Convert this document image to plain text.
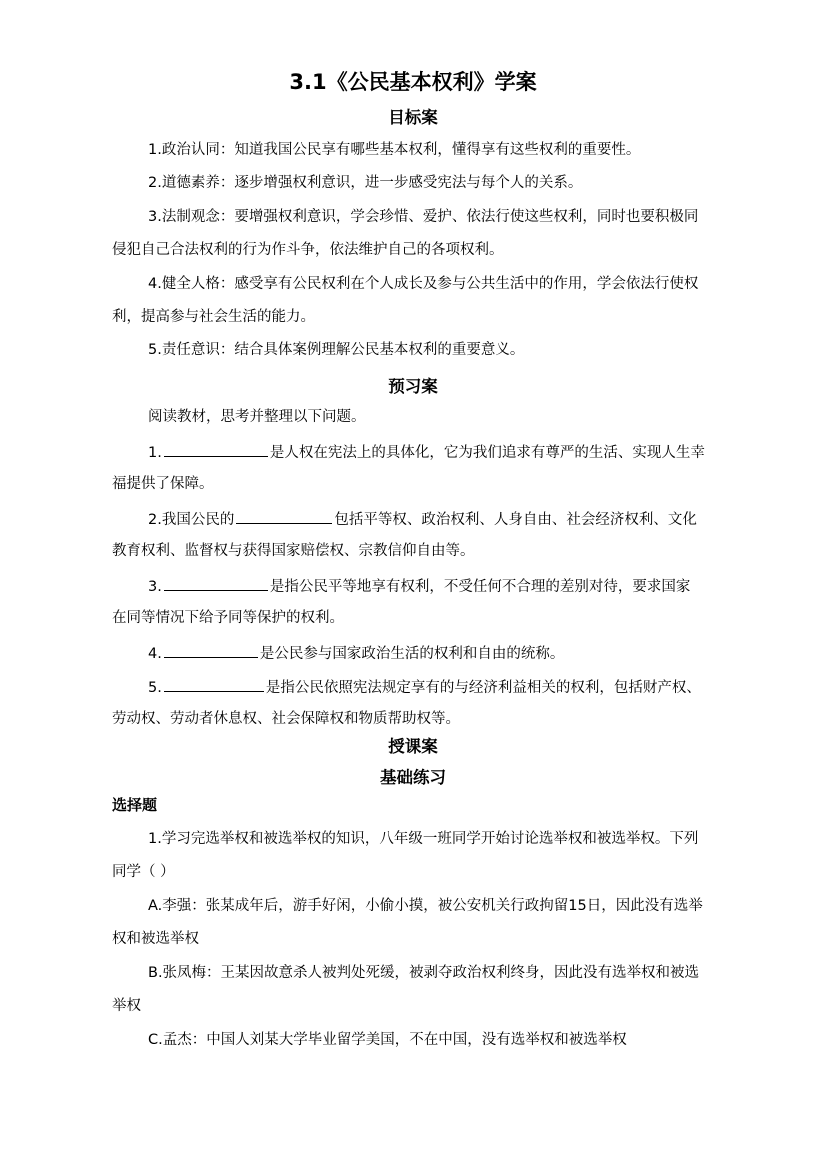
3.1《公民基本权利》学案
目标案
1.政治认同：知道我国公民享有哪些基本权利，懂得享有这些权利的重要性。
2.道德素养：逐步增强权利意识，进一步感受宪法与每个人的关系。
3.法制观念：要增强权利意识，学会珍惜、爱护、依法行使这些权利，同时也要积极同
侵犯自己合法权利的行为作斗争，依法维护自己的各项权利。
4.健全人格：感受享有公民权利在个人成长及参与公共生活中的作用，学会依法行使权
利，提高参与社会生活的能力。
5.责任意识：结合具体案例理解公民基本权利的重要意义。
预习案
阅读教材，思考并整理以下问题。
1.	是人权在宪法上的具体化，它为我们追求有尊严的生活、实现人生幸
福提供了保障。
2.我国公民的	包括平等权、政治权利、人身自由、社会经济权利、文化
教育权利、监督权与获得国家赔偿权、宗教信仰自由等。
3.	是指公民平等地享有权利，不受任何不合理的差别对待，要求国家
在同等情况下给予同等保护的权利。
4.	是公民参与国家政治生活的权利和自由的统称。
5.	是指公民依照宪法规定享有的与经济利益相关的权利，包括财产权、
劳动权、劳动者休息权、社会保障权和物质帮助权等。
授课案
基础练习
选择题
1.学习完选举权和被选举权的知识，八年级一班同学开始讨论选举权和被选举权。下列
同学（ ）
A.李强：张某成年后，游手好闲，小偷小摸，被公安机关行政拘留15日，因此没有选举
权和被选举权
B.张凤梅：王某因故意杀人被判处死缓，被剥夺政治权利终身，因此没有选举权和被选
举权
C.孟杰：中国人刘某大学毕业留学美国，不在中国，没有选举权和被选举权
